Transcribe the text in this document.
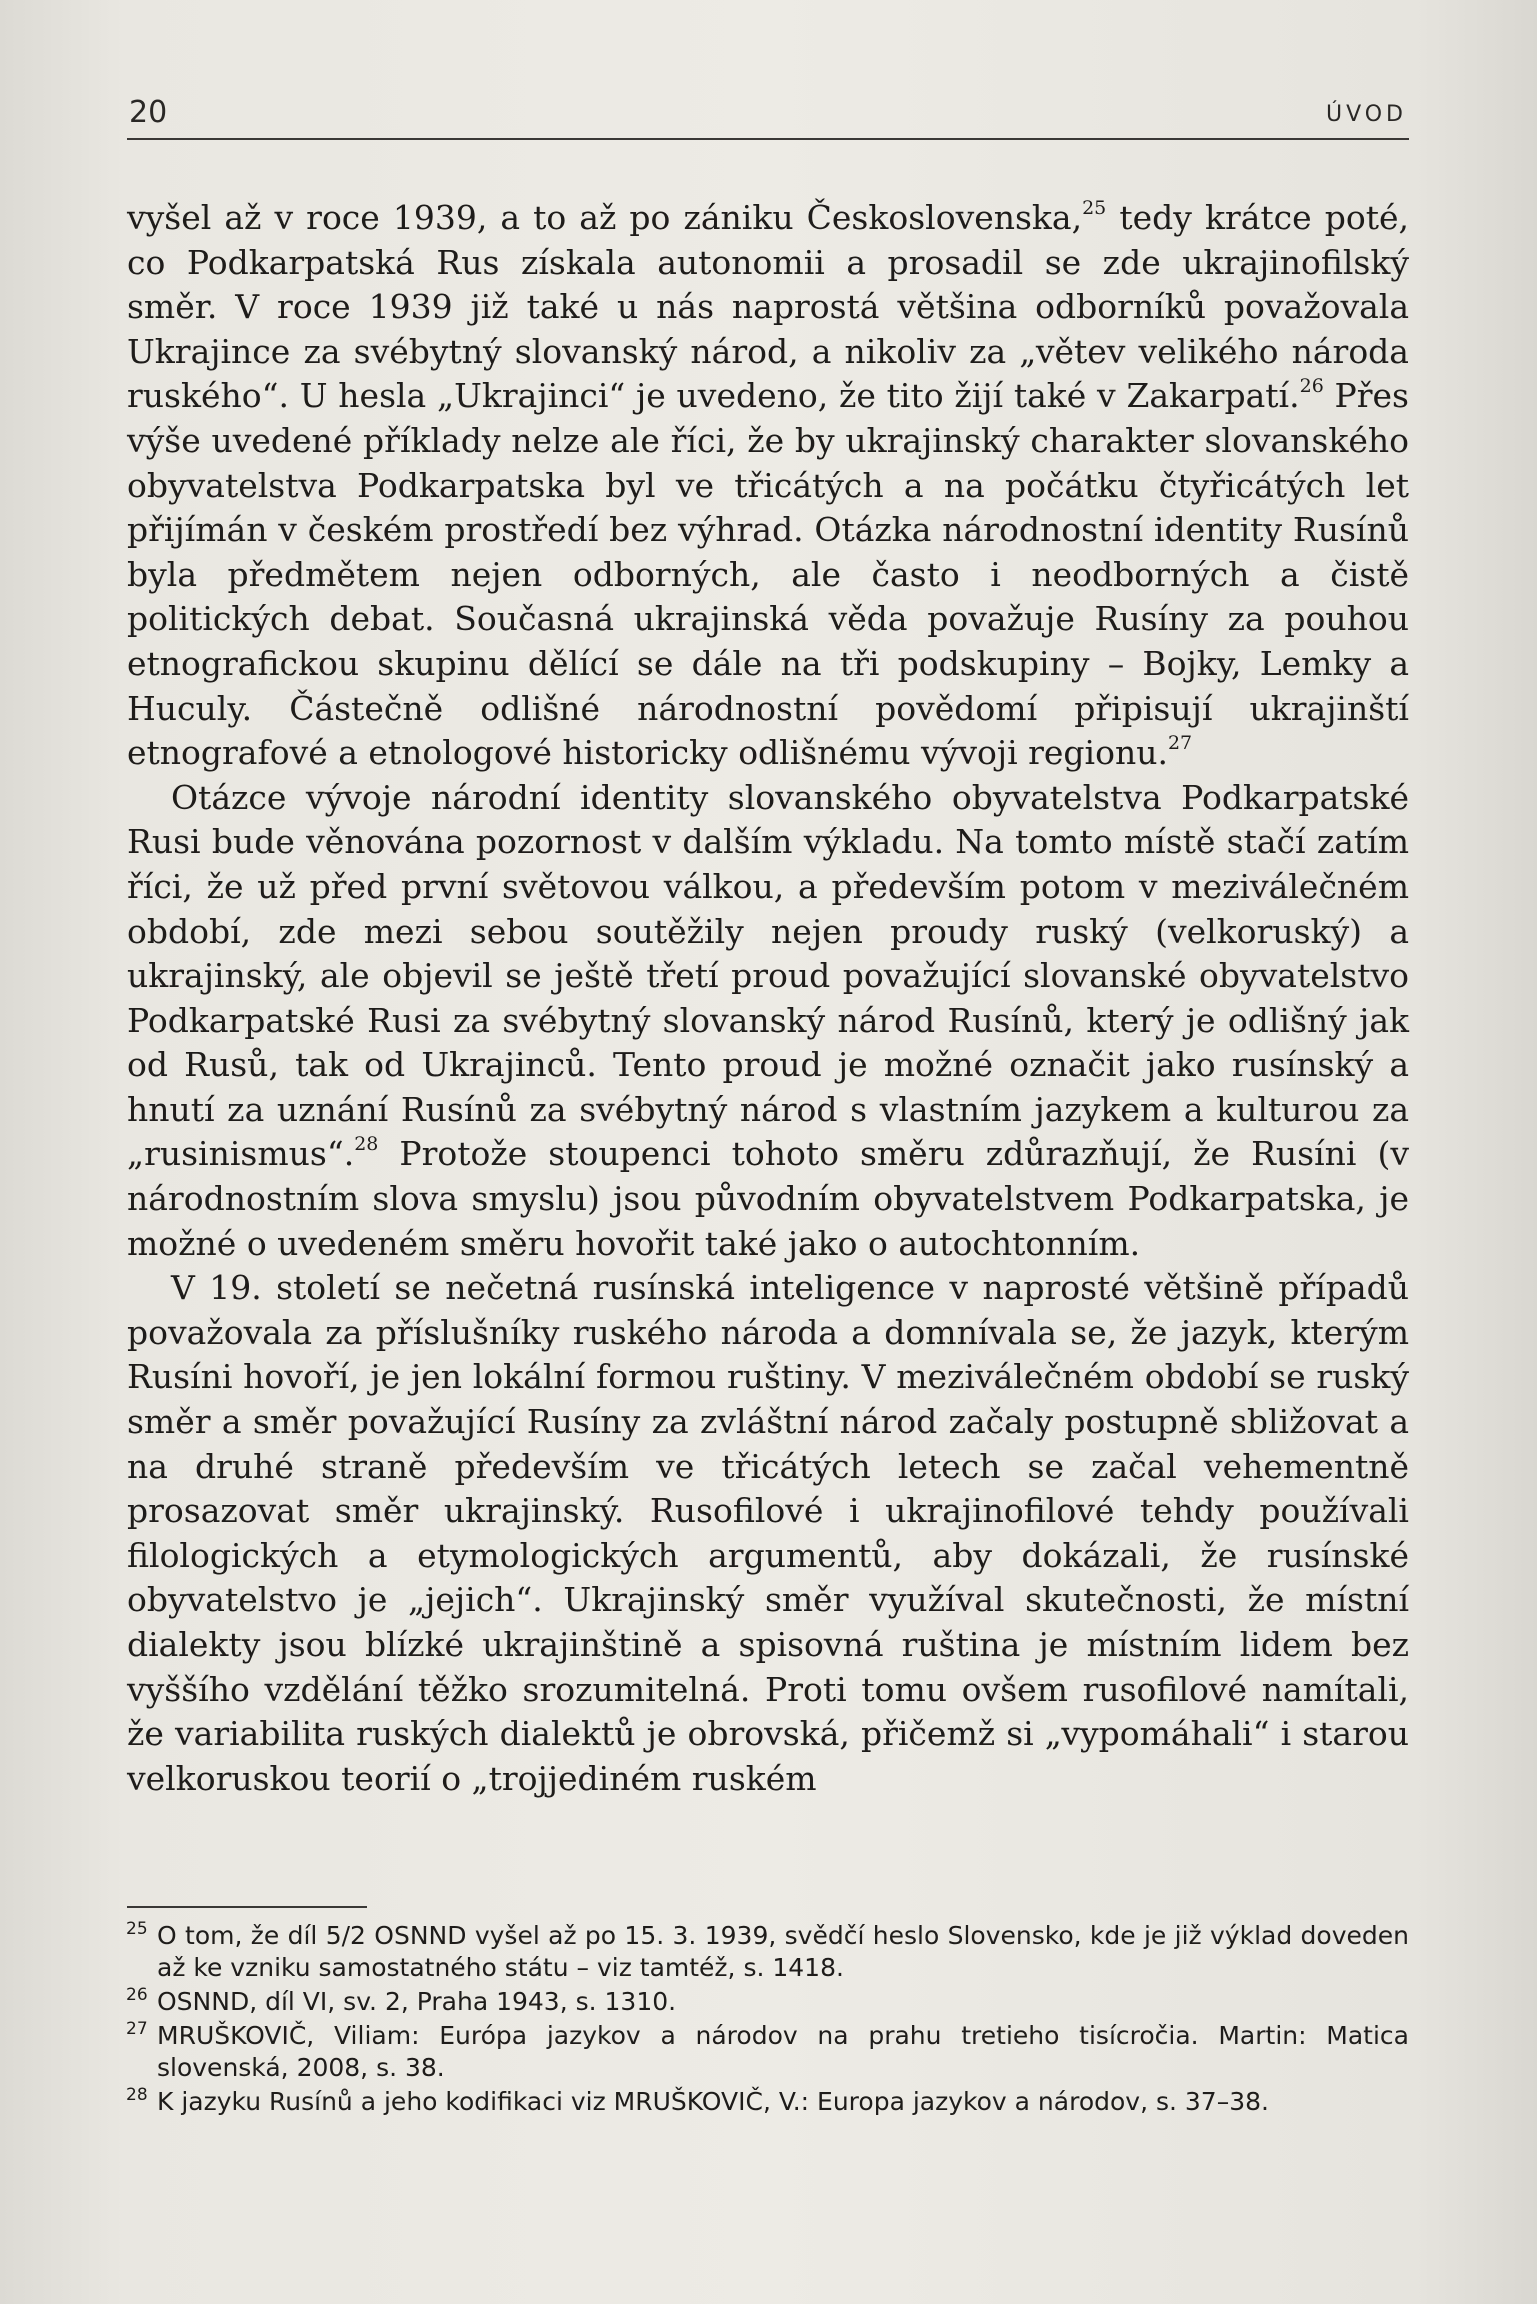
20	ÚVOD

vyšel až v roce 1939, a to až po zániku Československa,$^{25}$ tedy krátce poté, co Podkarpatská Rus získala autonomii a prosadil se zde ukrajinofilský směr. V roce 1939 již také u nás naprostá většina odborníků považovala Ukrajince za svébytný slovanský národ, a nikoliv za „větev velikého národa ruského“. U hesla „Ukrajinci“ je uvedeno, že tito žijí také v Zakarpatí.$^{26}$ Přes výše uvedené příklady nelze ale říci, že by ukrajinský charakter slovanského obyvatelstva Podkarpatska byl ve třicátých a na počátku čtyřicátých let přijímán v českém prostředí bez výhrad. Otázka národnostní identity Rusínů byla předmětem nejen odborných, ale často i neodborných a čistě politických debat. Současná ukrajinská věda považuje Rusíny za pouhou etnografickou skupinu dělící se dále na tři podskupiny – Bojky, Lemky a Huculy. Částečně odlišné národnostní povědomí připisují ukrajinští etnografové a etnologové historicky odlišnému vývoji regionu.$^{27}$

Otázce vývoje národní identity slovanského obyvatelstva Podkarpatské Rusi bude věnována pozornost v dalším výkladu. Na tomto místě stačí zatím říci, že už před první světovou válkou, a především potom v meziválečném období, zde mezi sebou soutěžily nejen proudy ruský (velkoruský) a ukrajinský, ale objevil se ještě třetí proud považující slovanské obyvatelstvo Podkarpatské Rusi za svébytný slovanský národ Rusínů, který je odlišný jak od Rusů, tak od Ukrajinců. Tento proud je možné označit jako rusínský a hnutí za uznání Rusínů za svébytný národ s vlastním jazykem a kulturou za „rusinismus“.$^{28}$ Protože stoupenci tohoto směru zdůrazňují, že Rusíni (v národnostním slova smyslu) jsou původním obyvatelstvem Podkarpatska, je možné o uvedeném směru hovořit také jako o autochtonním.

V 19. století se nečetná rusínská inteligence v naprosté většině případů považovala za příslušníky ruského národa a domnívala se, že jazyk, kterým Rusíni hovoří, je jen lokální formou ruštiny. V meziválečném období se ruský směr a směr považující Rusíny za zvláštní národ začaly postupně sbližovat a na druhé straně především ve třicátých letech se začal vehementně prosazovat směr ukrajinský. Rusofilové i ukrajinofilové tehdy používali filologických a etymologických argumentů, aby dokázali, že rusínské obyvatelstvo je „jejich“. Ukrajinský směr využíval skutečnosti, že místní dialekty jsou blízké ukrajinštině a spisovná ruština je místním lidem bez vyššího vzdělání těžko srozumitelná. Proti tomu ovšem rusofilové namítali, že variabilita ruských dialektů je obrovská, přičemž si „vypomáhali“ i starou velkoruskou teorií o „trojjediném ruském

25 O tom, že díl 5/2 OSNND vyšel až po 15. 3. 1939, svědčí heslo Slovensko, kde je již výklad doveden až ke vzniku samostatného státu – viz tamtéž, s. 1418.

26 OSNND, díl VI, sv. 2, Praha 1943, s. 1310.

27 MRUŠKOVIČ, Viliam: Európa jazykov a národov na prahu tretieho tisícročia. Martin: Matica slovenská, 2008, s. 38.

28 K jazyku Rusínů a jeho kodifikaci viz MRUŠKOVIČ, V.: Europa jazykov a národov, s. 37–38.
